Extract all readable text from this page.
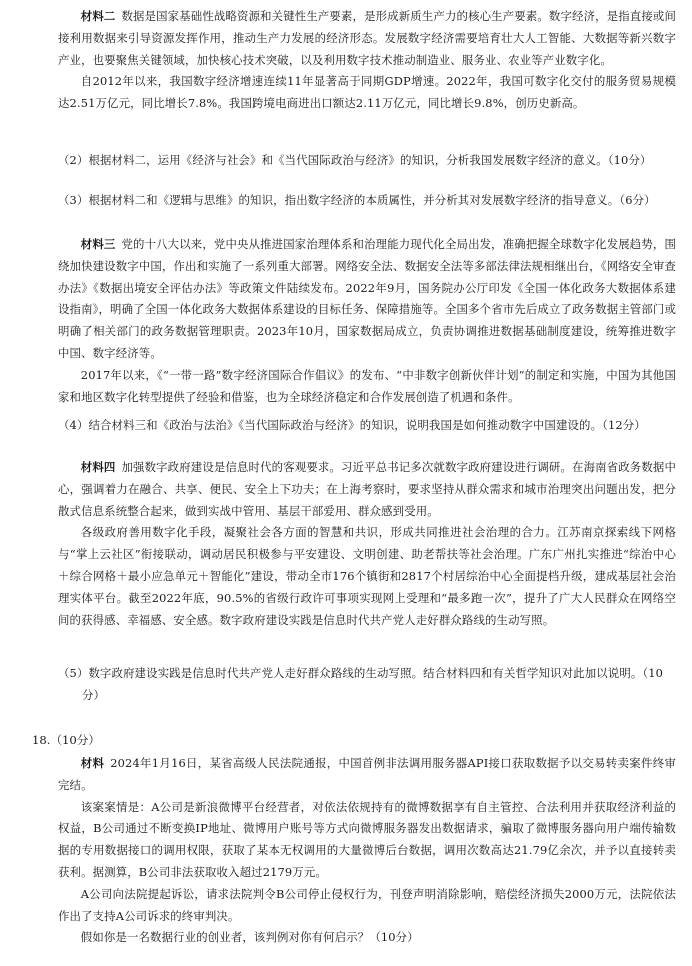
材料二 数据是国家基础性战略资源和关键性生产要素，是形成新质生产力的核心生产要素。数字经济，是指直接或间接利用数据来引导资源发挥作用，推动生产力发展的经济形态。发展数字经济需要培育壮大人工智能、大数据等新兴数字产业，也要聚焦关键领域，加快核心技术突破，以及利用数字技术推动制造业、服务业、农业等产业数字化。

自2012年以来，我国数字经济增速连续11年显著高于同期GDP增速。2022年，我国可数字化交付的服务贸易规模达2.51万亿元，同比增长7.8%。我国跨境电商进出口额达2.11万亿元，同比增长9.8%，创历史新高。

（2）根据材料二，运用《经济与社会》和《当代国际政治与经济》的知识，分析我国发展数字经济的意义。（10分）

（3）根据材料二和《逻辑与思维》的知识，指出数字经济的本质属性，并分析其对发展数字经济的指导意义。（6分）

材料三 党的十八大以来，党中央从推进国家治理体系和治理能力现代化全局出发，准确把握全球数字化发展趋势，围绕加快建设数字中国，作出和实施了一系列重大部署。网络安全法、数据安全法等多部法律法规相继出台，《网络安全审查办法》《数据出境安全评估办法》等政策文件陆续发布。2022年9月，国务院办公厅印发《全国一体化政务大数据体系建设指南》，明确了全国一体化政务大数据体系建设的目标任务、保障措施等。全国多个省市先后成立了政务数据主管部门或明确了相关部门的政务数据管理职责。2023年10月，国家数据局成立，负责协调推进数据基础制度建设，统筹推进数字中国、数字经济等。

2017年以来，《“一带一路”数字经济国际合作倡议》的发布、“中非数字创新伙伴计划”的制定和实施，中国为其他国家和地区数字化转型提供了经验和借鉴，也为全球经济稳定和合作发展创造了机遇和条件。

（4）结合材料三和《政治与法治》《当代国际政治与经济》的知识，说明我国是如何推动数字中国建设的。（12分）

材料四 加强数字政府建设是信息时代的客观要求。习近平总书记多次就数字政府建设进行调研。在海南省政务数据中心，强调着力在融合、共享、便民、安全上下功夫；在上海考察时，要求坚持从群众需求和城市治理突出问题出发，把分散式信息系统整合起来，做到实战中管用、基层干部爱用、群众感到受用。

各级政府善用数字化手段，凝聚社会各方面的智慧和共识，形成共同推进社会治理的合力。江苏南京探索线下网格与“掌上云社区”衔接联动，调动居民积极参与平安建设、文明创建、助老帮扶等社会治理。广东广州扎实推进“综治中心＋综合网格＋最小应急单元＋智能化”建设，带动全市176个镇街和2817个村居综治中心全面提档升级，建成基层社会治理实体平台。截至2022年底，90.5%的省级行政许可事项实现网上受理和“最多跑一次”，提升了广大人民群众在网络空间的获得感、幸福感、安全感。数字政府建设实践是信息时代共产党人走好群众路线的生动写照。

（5）数字政府建设实践是信息时代共产党人走好群众路线的生动写照。结合材料四和有关哲学知识对此加以说明。（10分）

18.（10分）

材料 2024年1月16日，某省高级人民法院通报，中国首例非法调用服务器API接口获取数据予以交易转卖案件终审完结。

该案案情是：A公司是新浪微博平台经营者，对依法依规持有的微博数据享有自主管控、合法利用并获取经济利益的权益，B公司通过不断变换IP地址、微博用户账号等方式向微博服务器发出数据请求，骗取了微博服务器向用户端传输数据的专用数据接口的调用权限，获取了某本无权调用的大量微博后台数据，调用次数高达21.79亿余次，并予以直接转卖获利。据测算，B公司非法获取收入超过2179万元。

A公司向法院提起诉讼，请求法院判令B公司停止侵权行为，刊登声明消除影响，赔偿经济损失2000万元，法院依法作出了支持A公司诉求的终审判决。

假如你是一名数据行业的创业者，该判例对你有何启示？（10分）
